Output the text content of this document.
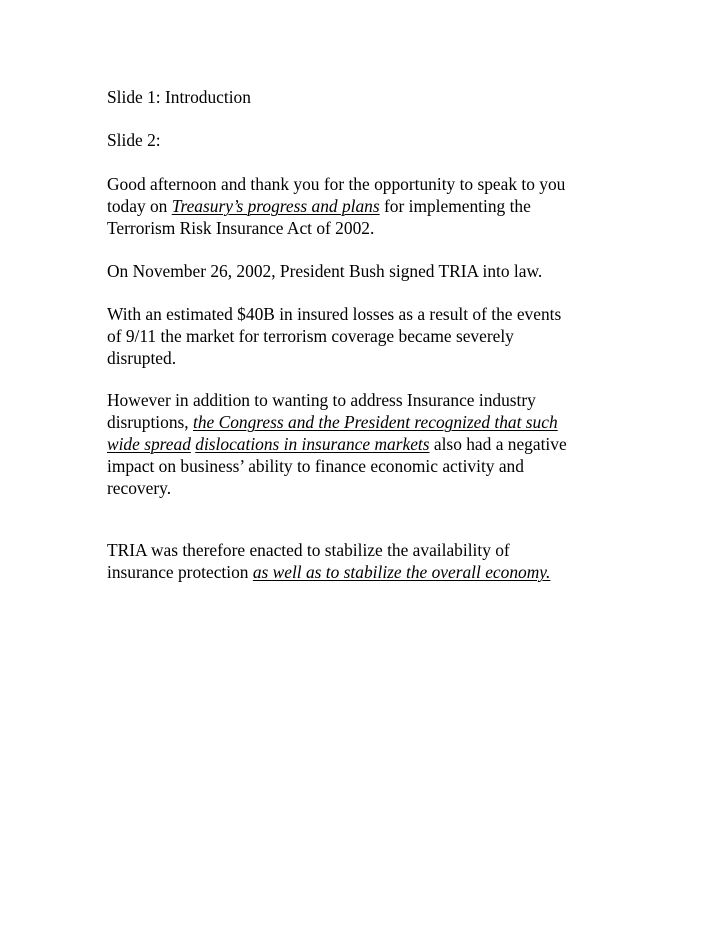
Slide 1: Introduction

Slide 2:

Good afternoon and thank you for the opportunity to speak to you
today on Treasury’s progress and plans for implementing the
Terrorism Risk Insurance Act of 2002.

On November 26, 2002, President Bush signed TRIA into law.

With an estimated $40B in insured losses as a result of the events
of 9/11 the market for terrorism coverage became severely
disrupted.

However in addition to wanting to address Insurance industry
disruptions, the Congress and the President recognized that such
wide spread dislocations in insurance markets also had a negative
impact on business’ ability to finance economic activity and
recovery.

TRIA was therefore enacted to stabilize the availability of
insurance protection as well as to stabilize the overall economy.
